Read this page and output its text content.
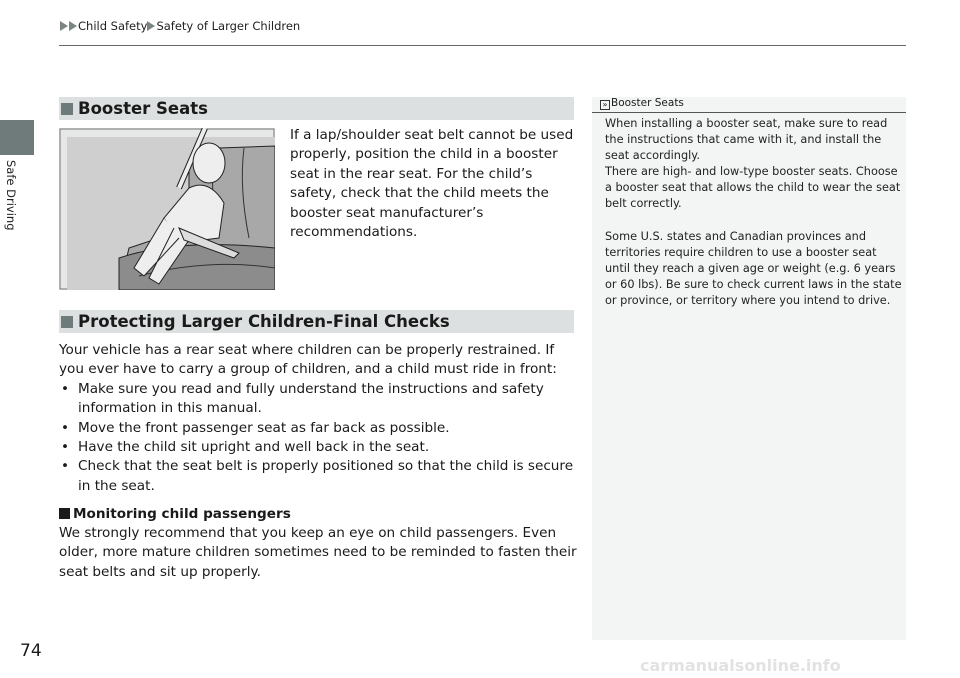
Child Safety Safety of Larger Children
Safe Driving
Booster Seats
If a lap/shoulder seat belt cannot be used properly, position the child in a booster seat in the rear seat. For the child’s safety, check that the child meets the booster seat manufacturer’s recommendations.
Protecting Larger Children-Final Checks
Your vehicle has a rear seat where children can be properly restrained. If you ever have to carry a group of children, and a child must ride in front:
• Make sure you read and fully understand the instructions and safety information in this manual.
• Move the front passenger seat as far back as possible.
• Have the child sit upright and well back in the seat.
• Check that the seat belt is properly positioned so that the child is secure in the seat.
Monitoring child passengers
We strongly recommend that you keep an eye on child passengers. Even older, more mature children sometimes need to be reminded to fasten their seat belts and sit up properly.
» Booster Seats
When installing a booster seat, make sure to read the instructions that came with it, and install the seat accordingly.
There are high- and low-type booster seats. Choose a booster seat that allows the child to wear the seat belt correctly.
Some U.S. states and Canadian provinces and territories require children to use a booster seat until they reach a given age or weight (e.g. 6 years or 60 lbs). Be sure to check current laws in the state or province, or territory where you intend to drive.
74
carmanualsonline.info
